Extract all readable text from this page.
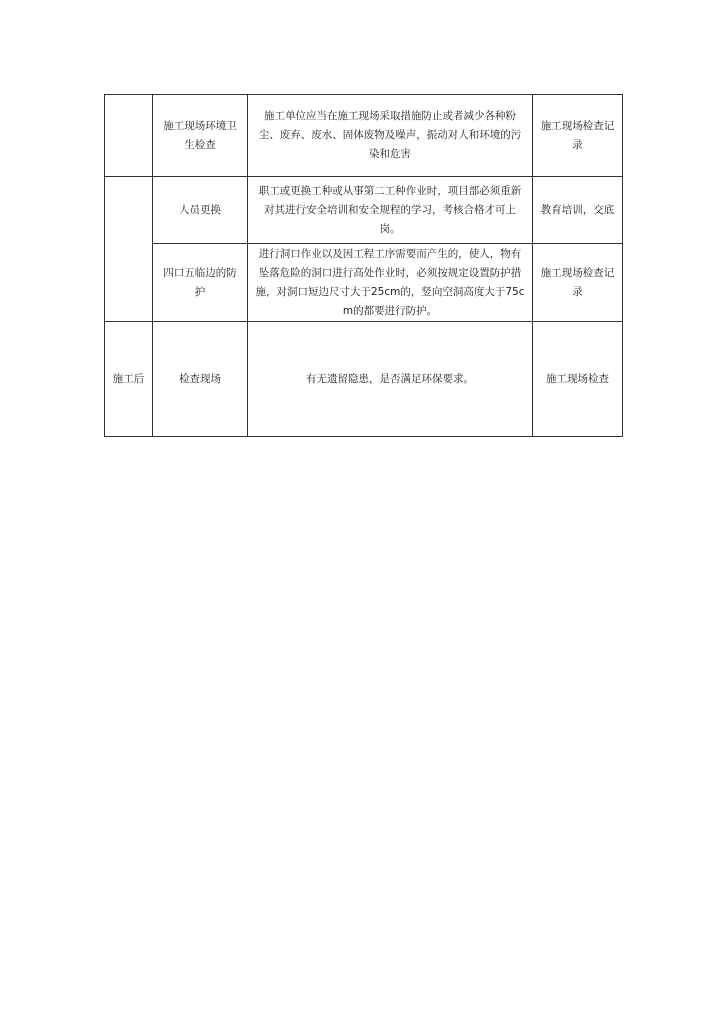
	施工现场环境卫生检查	施工单位应当在施工现场采取措施防止或者减少各种粉尘、废弃、废水、固体废物及噪声，振动对人和环境的污染和危害	施工现场检查记录
	人员更换	职工或更换工种或从事第二工种作业时，项目部必须重新对其进行安全培训和安全规程的学习，考核合格才可上岗。	教育培训，交底
	四口五临边的防护	进行洞口作业以及因工程工序需要而产生的，使人，物有坠落危险的洞口进行高处作业时，必须按规定设置防护措施，对洞口短边尺寸大于25cm的，竖向空洞高度大于75cm的都要进行防护。	施工现场检查记录
施工后	检查现场	有无遗留隐患，是否满足环保要求。	施工现场检查
